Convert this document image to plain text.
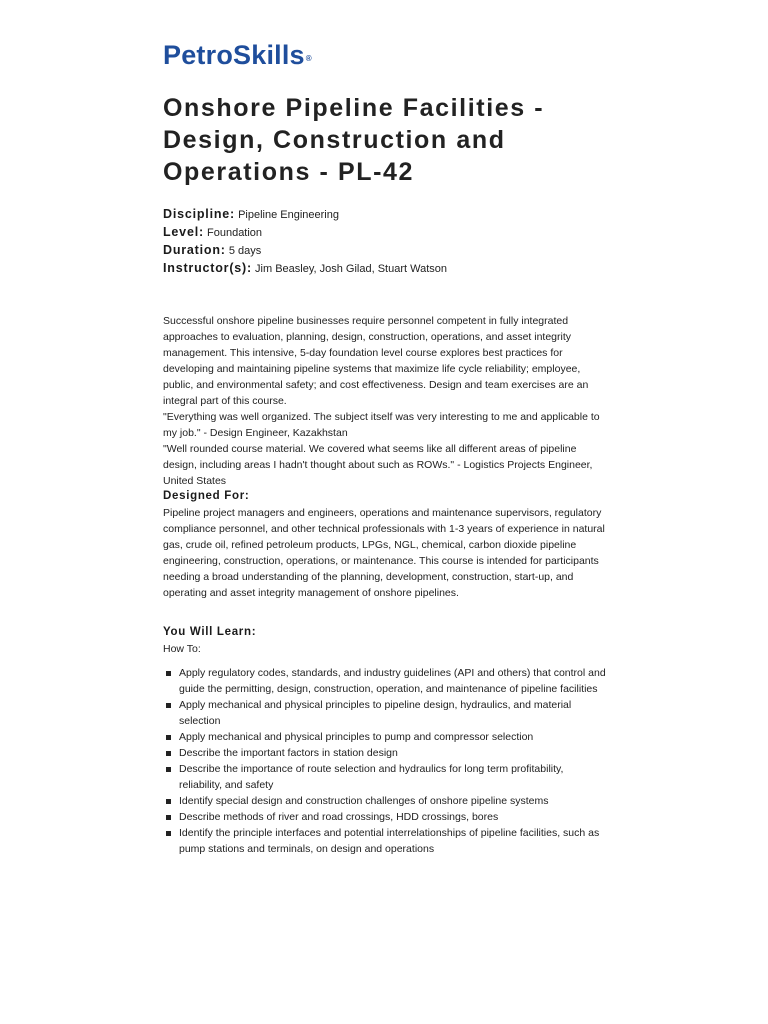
PetroSkills®
Onshore Pipeline Facilities - Design, Construction and Operations - PL-42
Discipline: Pipeline Engineering
Level: Foundation
Duration: 5 days
Instructor(s): Jim Beasley, Josh Gilad, Stuart Watson

Successful onshore pipeline businesses require personnel competent in fully integrated approaches to evaluation, planning, design, construction, operations, and asset integrity management. This intensive, 5-day foundation level course explores best practices for developing and maintaining pipeline systems that maximize life cycle reliability; employee, public, and environmental safety; and cost effectiveness. Design and team exercises are an integral part of this course.

"Everything was well organized. The subject itself was very interesting to me and applicable to my job." - Design Engineer, Kazakhstan

"Well rounded course material. We covered what seems like all different areas of pipeline design, including areas I hadn't thought about such as ROWs." - Logistics Projects Engineer, United States

Designed For:

Pipeline project managers and engineers, operations and maintenance supervisors, regulatory compliance personnel, and other technical professionals with 1-3 years of experience in natural gas, crude oil, refined petroleum products, LPGs, NGL, chemical, carbon dioxide pipeline engineering, construction, operations, or maintenance. This course is intended for participants needing a broad understanding of the planning, development, construction, start-up, and operating and asset integrity management of onshore pipelines.

You Will Learn:

How To:

Apply regulatory codes, standards, and industry guidelines (API and others) that control and guide the permitting, design, construction, operation, and maintenance of pipeline facilities
Apply mechanical and physical principles to pipeline design, hydraulics, and material selection
Apply mechanical and physical principles to pump and compressor selection
Describe the important factors in station design
Describe the importance of route selection and hydraulics for long term profitability, reliability, and safety
Identify special design and construction challenges of onshore pipeline systems
Describe methods of river and road crossings, HDD crossings, bores
Identify the principle interfaces and potential interrelationships of pipeline facilities, such as pump stations and terminals, on design and operations
